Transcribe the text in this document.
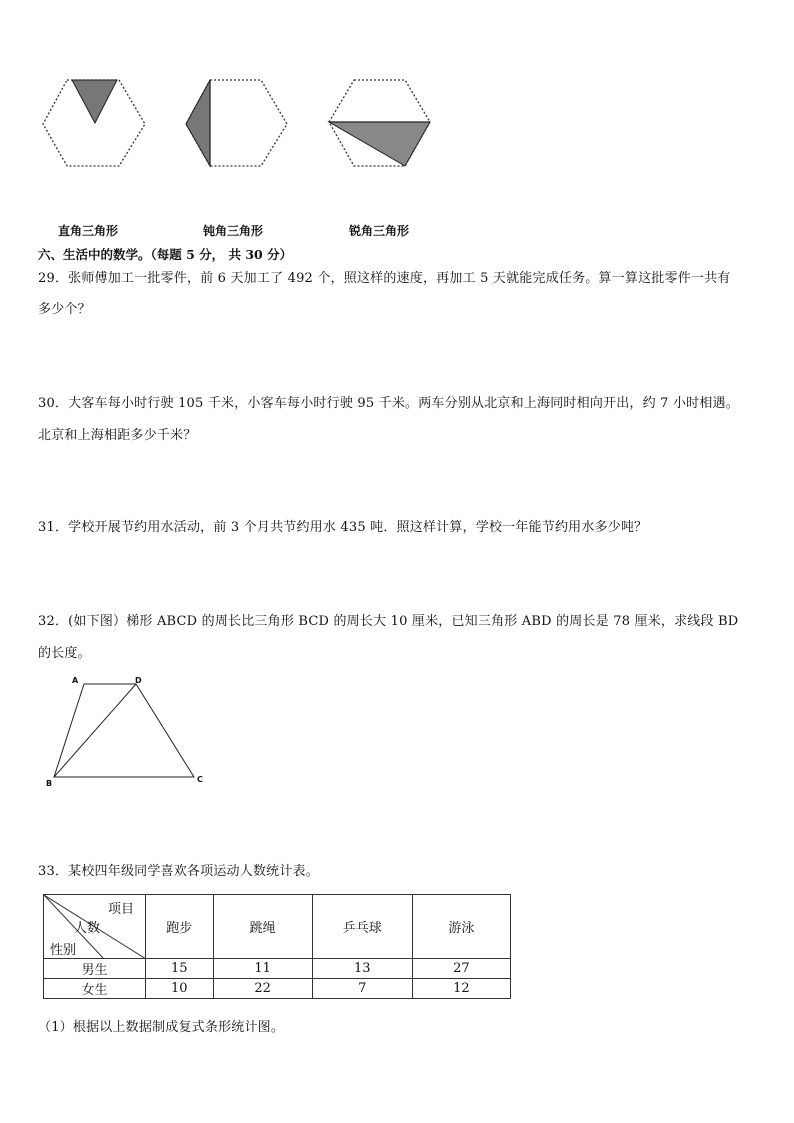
直角三角形	钝角三角形	锐角三角形
六、生活中的数学。（每题 5 分， 共 30 分）
29．张师傅加工一批零件，前 6 天加工了 492 个，照这样的速度，再加工 5 天就能完成任务。算一算这批零件一共有
多少个？
30．大客车每小时行驶 105 千米，小客车每小时行驶 95 千米。两车分别从北京和上海同时相向开出，约 7 小时相遇。
北京和上海相距多少千米？
31．学校开展节约用水活动，前 3 个月共节约用水 435 吨．照这样计算，学校一年能节约用水多少吨？
32．(如下图）梯形 ABCD 的周长比三角形 BCD 的周长大 10 厘米，已知三角形 ABD 的周长是 78 厘米，求线段 BD
的长度。
A	D
B	C
33．某校四年级同学喜欢各项运动人数统计表。
项目
人数
性别	跑步	跳绳	乒乓球	游泳
男生	15	11	13	27
女生	10	22	7	12
（1）根据以上数据制成复式条形统计图。
